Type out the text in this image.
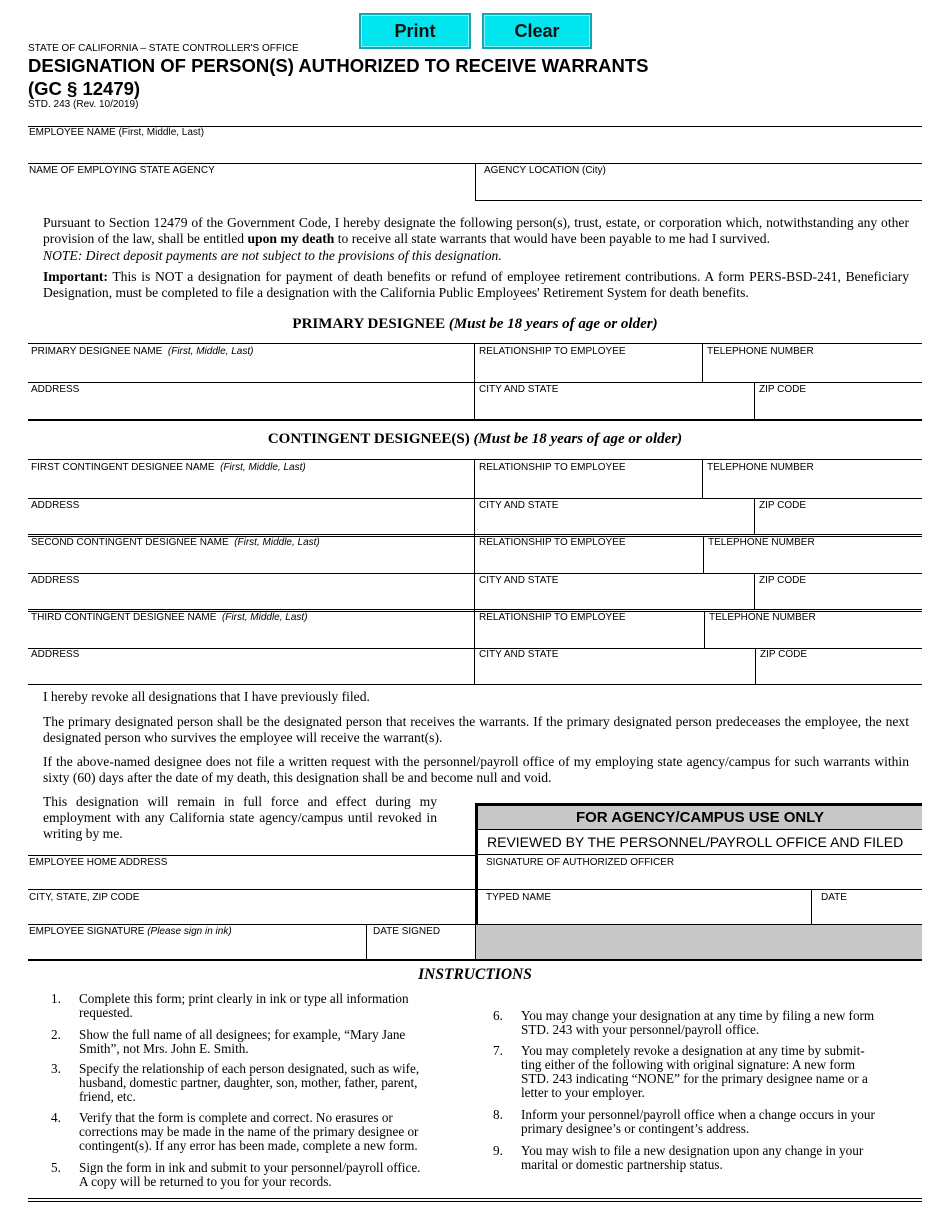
Print	Clear
STATE OF CALIFORNIA – STATE CONTROLLER'S OFFICE
DESIGNATION OF PERSON(S) AUTHORIZED TO RECEIVE WARRANTS
(GC § 12479)
STD. 243 (Rev. 10/2019)
EMPLOYEE NAME (First, Middle, Last)
NAME OF EMPLOYING STATE AGENCY	AGENCY LOCATION (City)
Pursuant to Section 12479 of the Government Code, I hereby designate the following person(s), trust, estate, or corporation which, notwithstanding any other provision of the law, shall be entitled upon my death to receive all state warrants that would have been payable to me had I survived.
NOTE: Direct deposit payments are not subject to the provisions of this designation.
Important: This is NOT a designation for payment of death benefits or refund of employee retirement contributions. A form PERS-BSD-241, Beneficiary Designation, must be completed to file a designation with the California Public Employees' Retirement System for death benefits.
PRIMARY DESIGNEE (Must be 18 years of age or older)
PRIMARY DESIGNEE NAME (First, Middle, Last)	RELATIONSHIP TO EMPLOYEE	TELEPHONE NUMBER
ADDRESS	CITY AND STATE	ZIP CODE
CONTINGENT DESIGNEE(S) (Must be 18 years of age or older)
FIRST CONTINGENT DESIGNEE NAME (First, Middle, Last)	RELATIONSHIP TO EMPLOYEE	TELEPHONE NUMBER
ADDRESS	CITY AND STATE	ZIP CODE
SECOND CONTINGENT DESIGNEE NAME (First, Middle, Last)	RELATIONSHIP TO EMPLOYEE	TELEPHONE NUMBER
ADDRESS	CITY AND STATE	ZIP CODE
THIRD CONTINGENT DESIGNEE NAME (First, Middle, Last)	RELATIONSHIP TO EMPLOYEE	TELEPHONE NUMBER
ADDRESS	CITY AND STATE	ZIP CODE
I hereby revoke all designations that I have previously filed.
The primary designated person shall be the designated person that receives the warrants. If the primary designated person predeceases the employee, the next designated person who survives the employee will receive the warrant(s).
If the above-named designee does not file a written request with the personnel/payroll office of my employing state agency/campus for such warrants within sixty (60) days after the date of my death, this designation shall be and become null and void.
This designation will remain in full force and effect during my employment with any California state agency/campus until revoked in writing by me.
EMPLOYEE HOME ADDRESS
CITY, STATE, ZIP CODE
EMPLOYEE SIGNATURE (Please sign in ink)	DATE SIGNED
FOR AGENCY/CAMPUS USE ONLY
REVIEWED BY THE PERSONNEL/PAYROLL OFFICE AND FILED
SIGNATURE OF AUTHORIZED OFFICER
TYPED NAME	DATE
INSTRUCTIONS
1. Complete this form; print clearly in ink or type all information
requested.
2. Show the full name of all designees; for example, “Mary Jane
Smith”, not Mrs. John E. Smith.
3. Specify the relationship of each person designated, such as wife,
husband, domestic partner, daughter, son, mother, father, parent,
friend, etc.
4. Verify that the form is complete and correct. No erasures or
corrections may be made in the name of the primary designee or
contingent(s). If any error has been made, complete a new form.
5. Sign the form in ink and submit to your personnel/payroll office.
A copy will be returned to you for your records.
6. You may change your designation at any time by filing a new form
STD. 243 with your personnel/payroll office.
7. You may completely revoke a designation at any time by submit-
ting either of the following with original signature: A new form
STD. 243 indicating “NONE” for the primary designee name or a
letter to your employer.
8. Inform your personnel/payroll office when a change occurs in your
primary designee’s or contingent’s address.
9. You may wish to file a new designation upon any change in your
marital or domestic partnership status.
